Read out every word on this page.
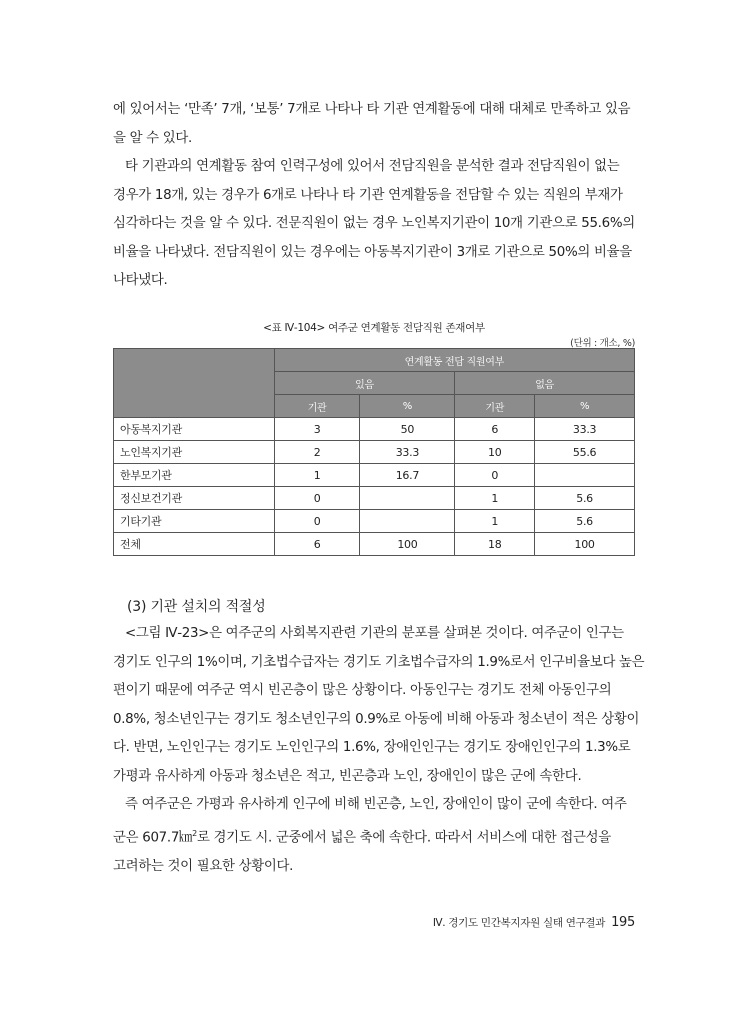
에 있어서는 ‘만족’ 7개, ‘보통’ 7개로 나타나 타 기관 연계활동에 대해 대체로 만족하고 있음
을 알 수 있다.
타 기관과의 연계활동 참여 인력구성에 있어서 전담직원을 분석한 결과 전담직원이 없는
경우가 18개, 있는 경우가 6개로 나타나 타 기관 연계활동을 전담할 수 있는 직원의 부재가
심각하다는 것을 알 수 있다. 전문직원이 없는 경우 노인복지기관이 10개 기관으로 55.6%의
비율을 나타냈다. 전담직원이 있는 경우에는 아동복지기관이 3개로 기관으로 50%의 비율을
나타냈다.
<표 Ⅳ-104> 여주군 연계활동 전담직원 존재여부
(단위 : 개소, %)
	연계활동 전담 직원여부			
	있음		없음	
	기관	%	기관	%
아동복지기관	3	50	6	33.3
노인복지기관	2	33.3	10	55.6
한부모기관	1	16.7	0	
정신보건기관	0		1	5.6
기타기관	0		1	5.6
전체	6	100	18	100
(3) 기관 설치의 적절성
<그림 Ⅳ-23>은 여주군의 사회복지관련 기관의 분포를 살펴본 것이다. 여주군이 인구는
경기도 인구의 1%이며, 기초법수급자는 경기도 기초법수급자의 1.9%로서 인구비율보다 높은
편이기 때문에 여주군 역시 빈곤층이 많은 상황이다. 아동인구는 경기도 전체 아동인구의
0.8%, 청소년인구는 경기도 청소년인구의 0.9%로 아동에 비해 아동과 청소년이 적은 상황이
다. 반면, 노인인구는 경기도 노인인구의 1.6%, 장애인인구는 경기도 장애인인구의 1.3%로
가평과 유사하게 아동과 청소년은 적고, 빈곤층과 노인, 장애인이 많은 군에 속한다.
즉 여주군은 가평과 유사하게 인구에 비해 빈곤층, 노인, 장애인이 많이 군에 속한다. 여주
군은 607.7㎞$^2$로 경기도 시. 군중에서 넓은 축에 속한다. 따라서 서비스에 대한 접근성을
고려하는 것이 필요한 상황이다.
Ⅳ. 경기도 민간복지자원 실태 연구결과 195
